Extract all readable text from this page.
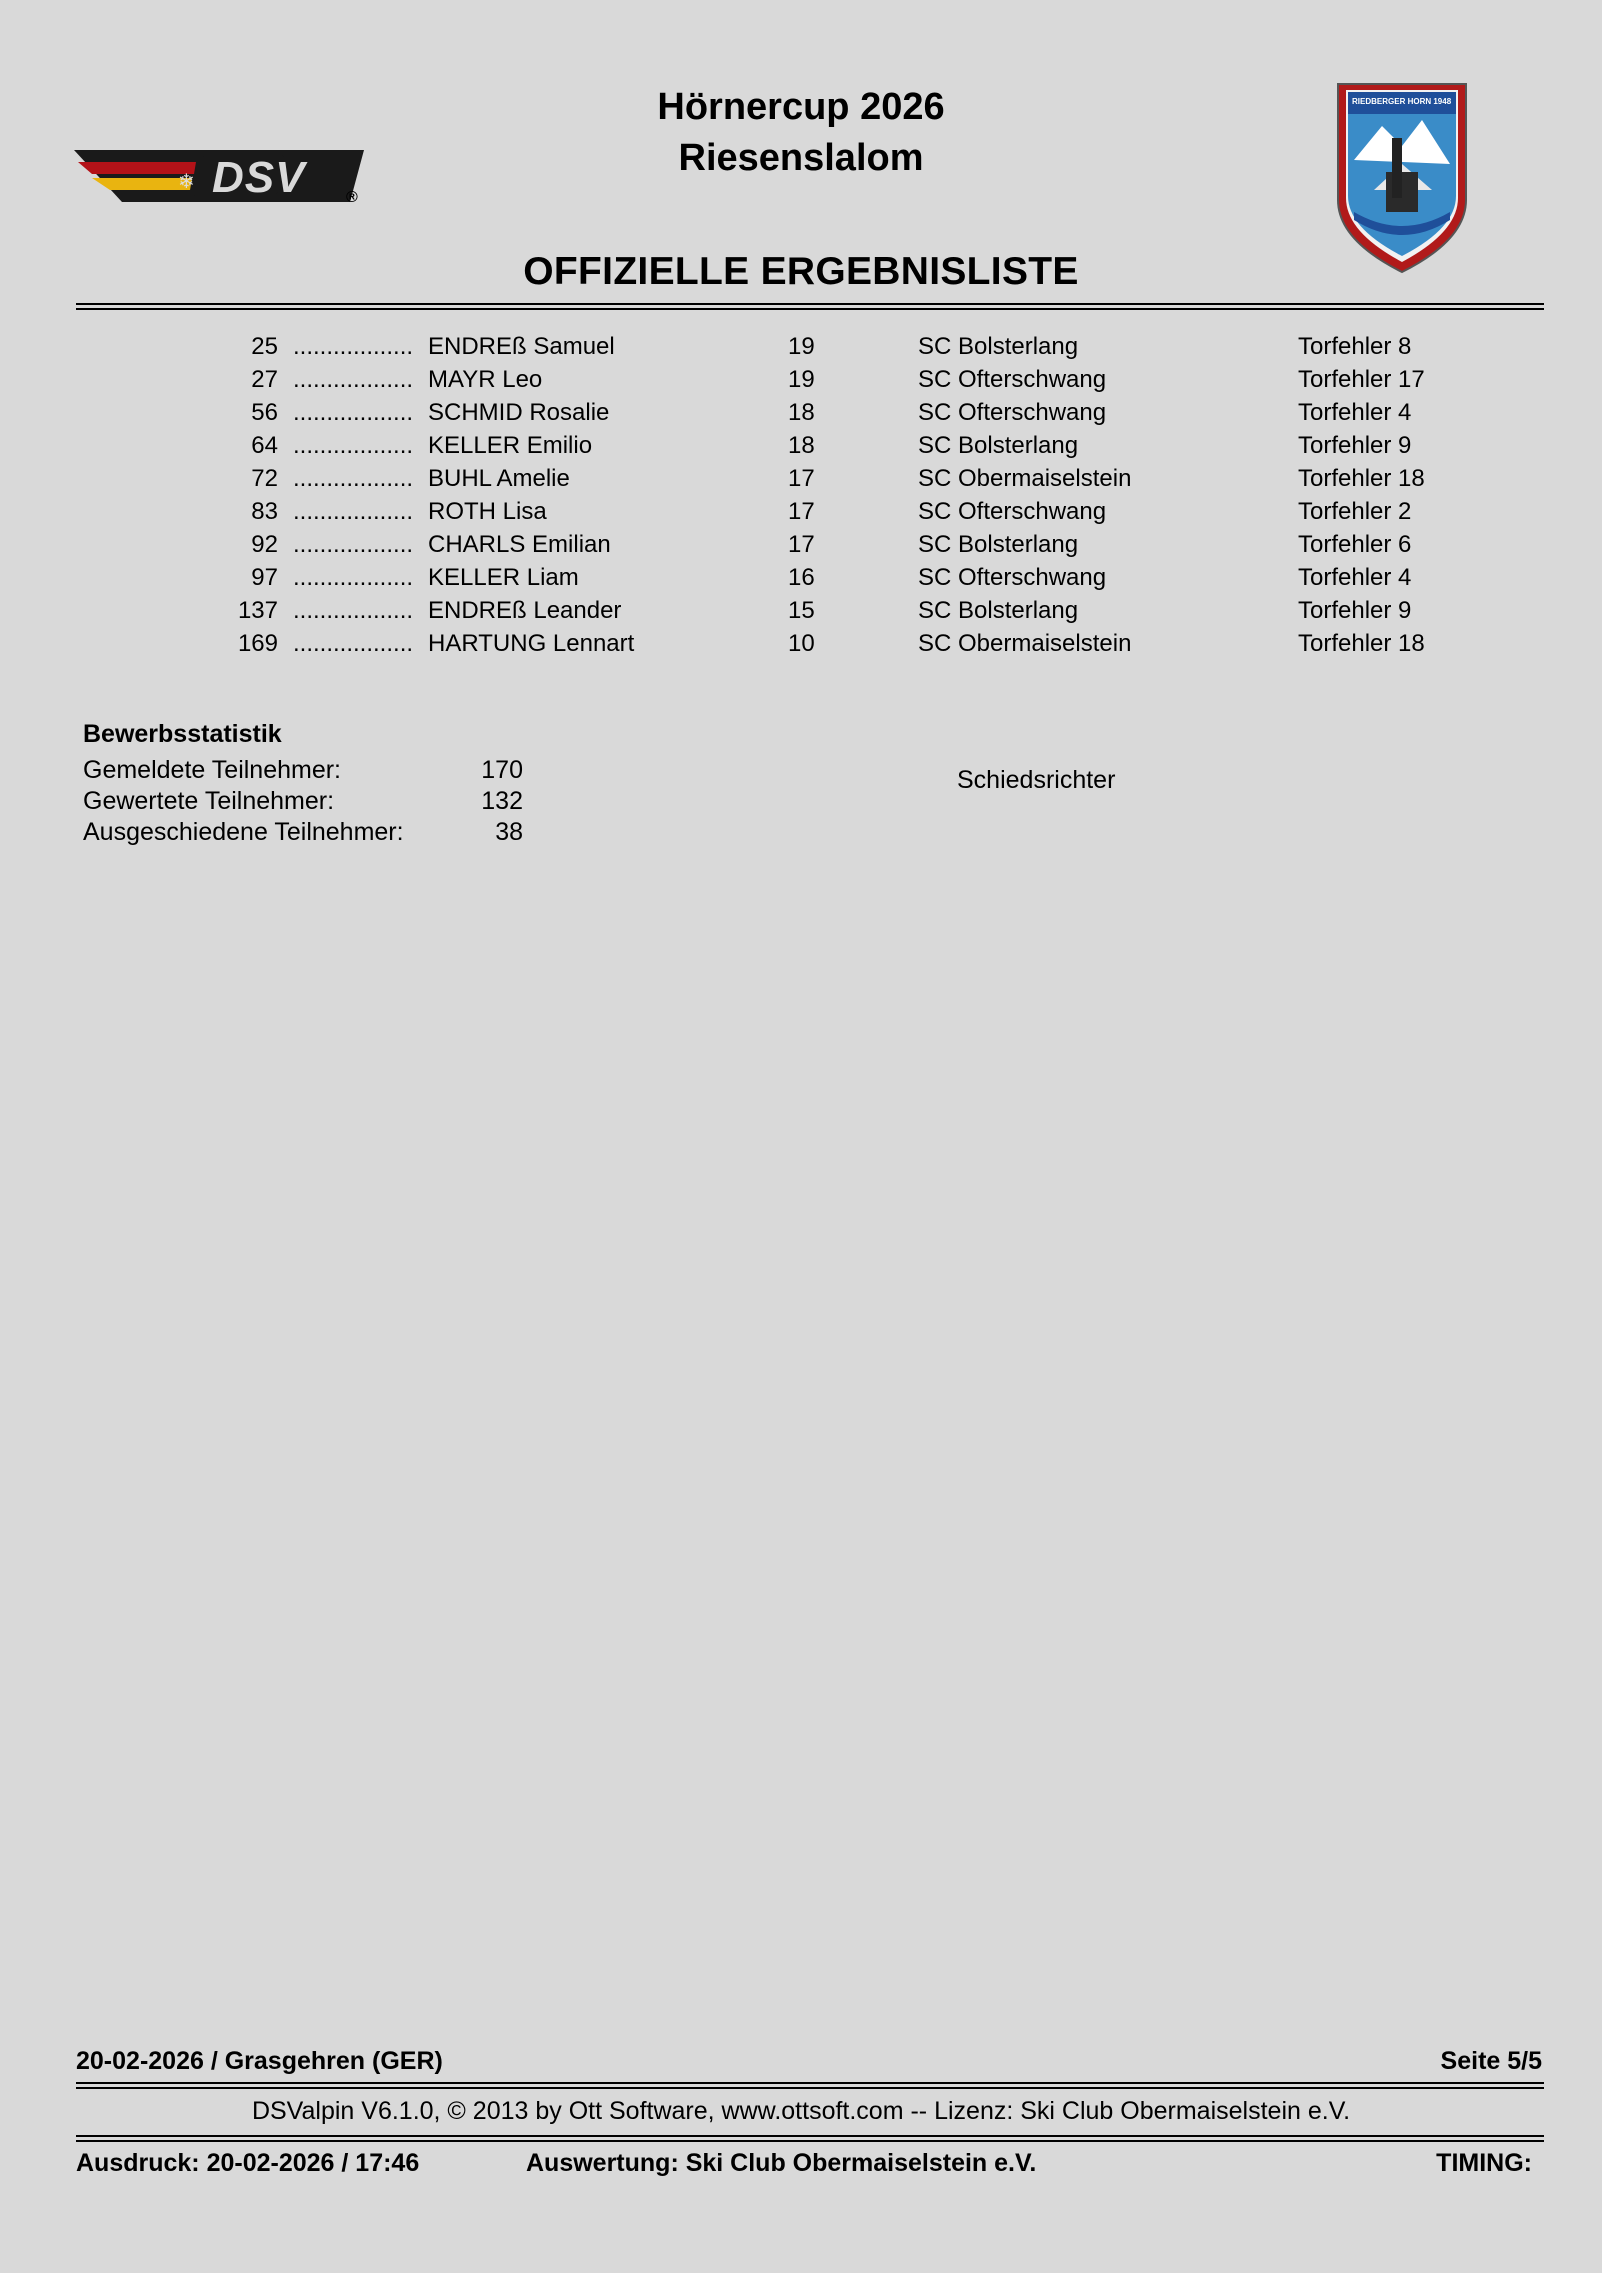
❄ DSV	®
Hörnercup 2026
Riesenslalom
RIEDBERGER HORN 1948
OFFIZIELLE ERGEBNISLISTE
25 .................. ENDREß Samuel	19	SC Bolsterlang	Torfehler 8
27 .................. MAYR Leo	19	SC Ofterschwang	Torfehler 17
56 .................. SCHMID Rosalie	18	SC Ofterschwang	Torfehler 4
64 .................. KELLER Emilio	18	SC Bolsterlang	Torfehler 9
72 .................. BUHL Amelie	17	SC Obermaiselstein	Torfehler 18
83 .................. ROTH Lisa	17	SC Ofterschwang	Torfehler 2
92 .................. CHARLS Emilian	17	SC Bolsterlang	Torfehler 6
97 .................. KELLER Liam	16	SC Ofterschwang	Torfehler 4
137 .................. ENDREß Leander	15	SC Bolsterlang	Torfehler 9
169 .................. HARTUNG Lennart	10	SC Obermaiselstein	Torfehler 18
Bewerbsstatistik
Gemeldete Teilnehmer:	170
Gewertete Teilnehmer:	132
Ausgeschiedene Teilnehmer:	38
Schiedsrichter
20-02-2026 / Grasgehren (GER)	Seite 5/5
DSValpin V6.1.0, © 2013 by Ott Software, www.ottsoft.com -- Lizenz: Ski Club Obermaiselstein e.V.
Ausdruck: 20-02-2026 / 17:46	Auswertung: Ski Club Obermaiselstein e.V.	TIMING:
